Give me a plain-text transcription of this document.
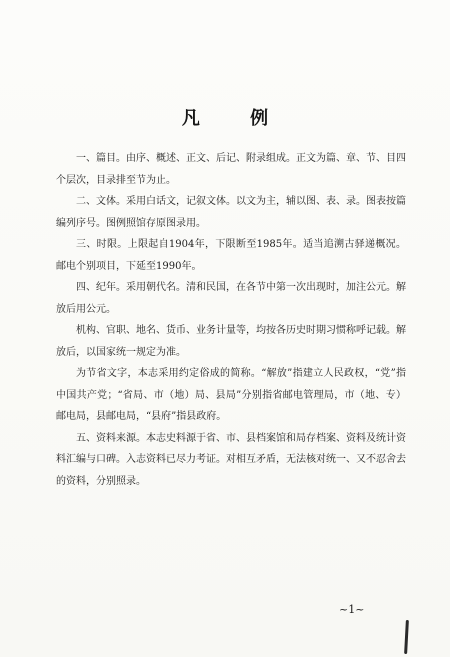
凡 例

一、篇目。由序、概述、正文、后记、附录组成。正文为篇、章、节、目四个层次，目录排至节为止。

二、文体。采用白话文，记叙文体。以文为主，辅以图、表、录。图表按篇编列序号。图例照馆存原图录用。

三、时限。上限起自1904年，下限断至1985年。适当追溯古驿递概况。邮电个别项目，下延至1990年。

四、纪年。采用朝代名。清和民国，在各节中第一次出现时，加注公元。解放后用公元。

机构、官职、地名、货币、业务计量等，均按各历史时期习惯称呼记载。解放后，以国家统一规定为准。

为节省文字，本志采用约定俗成的简称。“解放”指建立人民政权，“党”指中国共产党；“省局、市（地）局、县局”分别指省邮电管理局，市（地、专）邮电局，县邮电局，“县府”指县政府。

五、资料来源。本志史料源于省、市、县档案馆和局存档案、资料及统计资料汇编与口碑。入志资料已尽力考证。对相互矛盾，无法核对统一、又不忍舍去的资料，分别照录。

~1~
